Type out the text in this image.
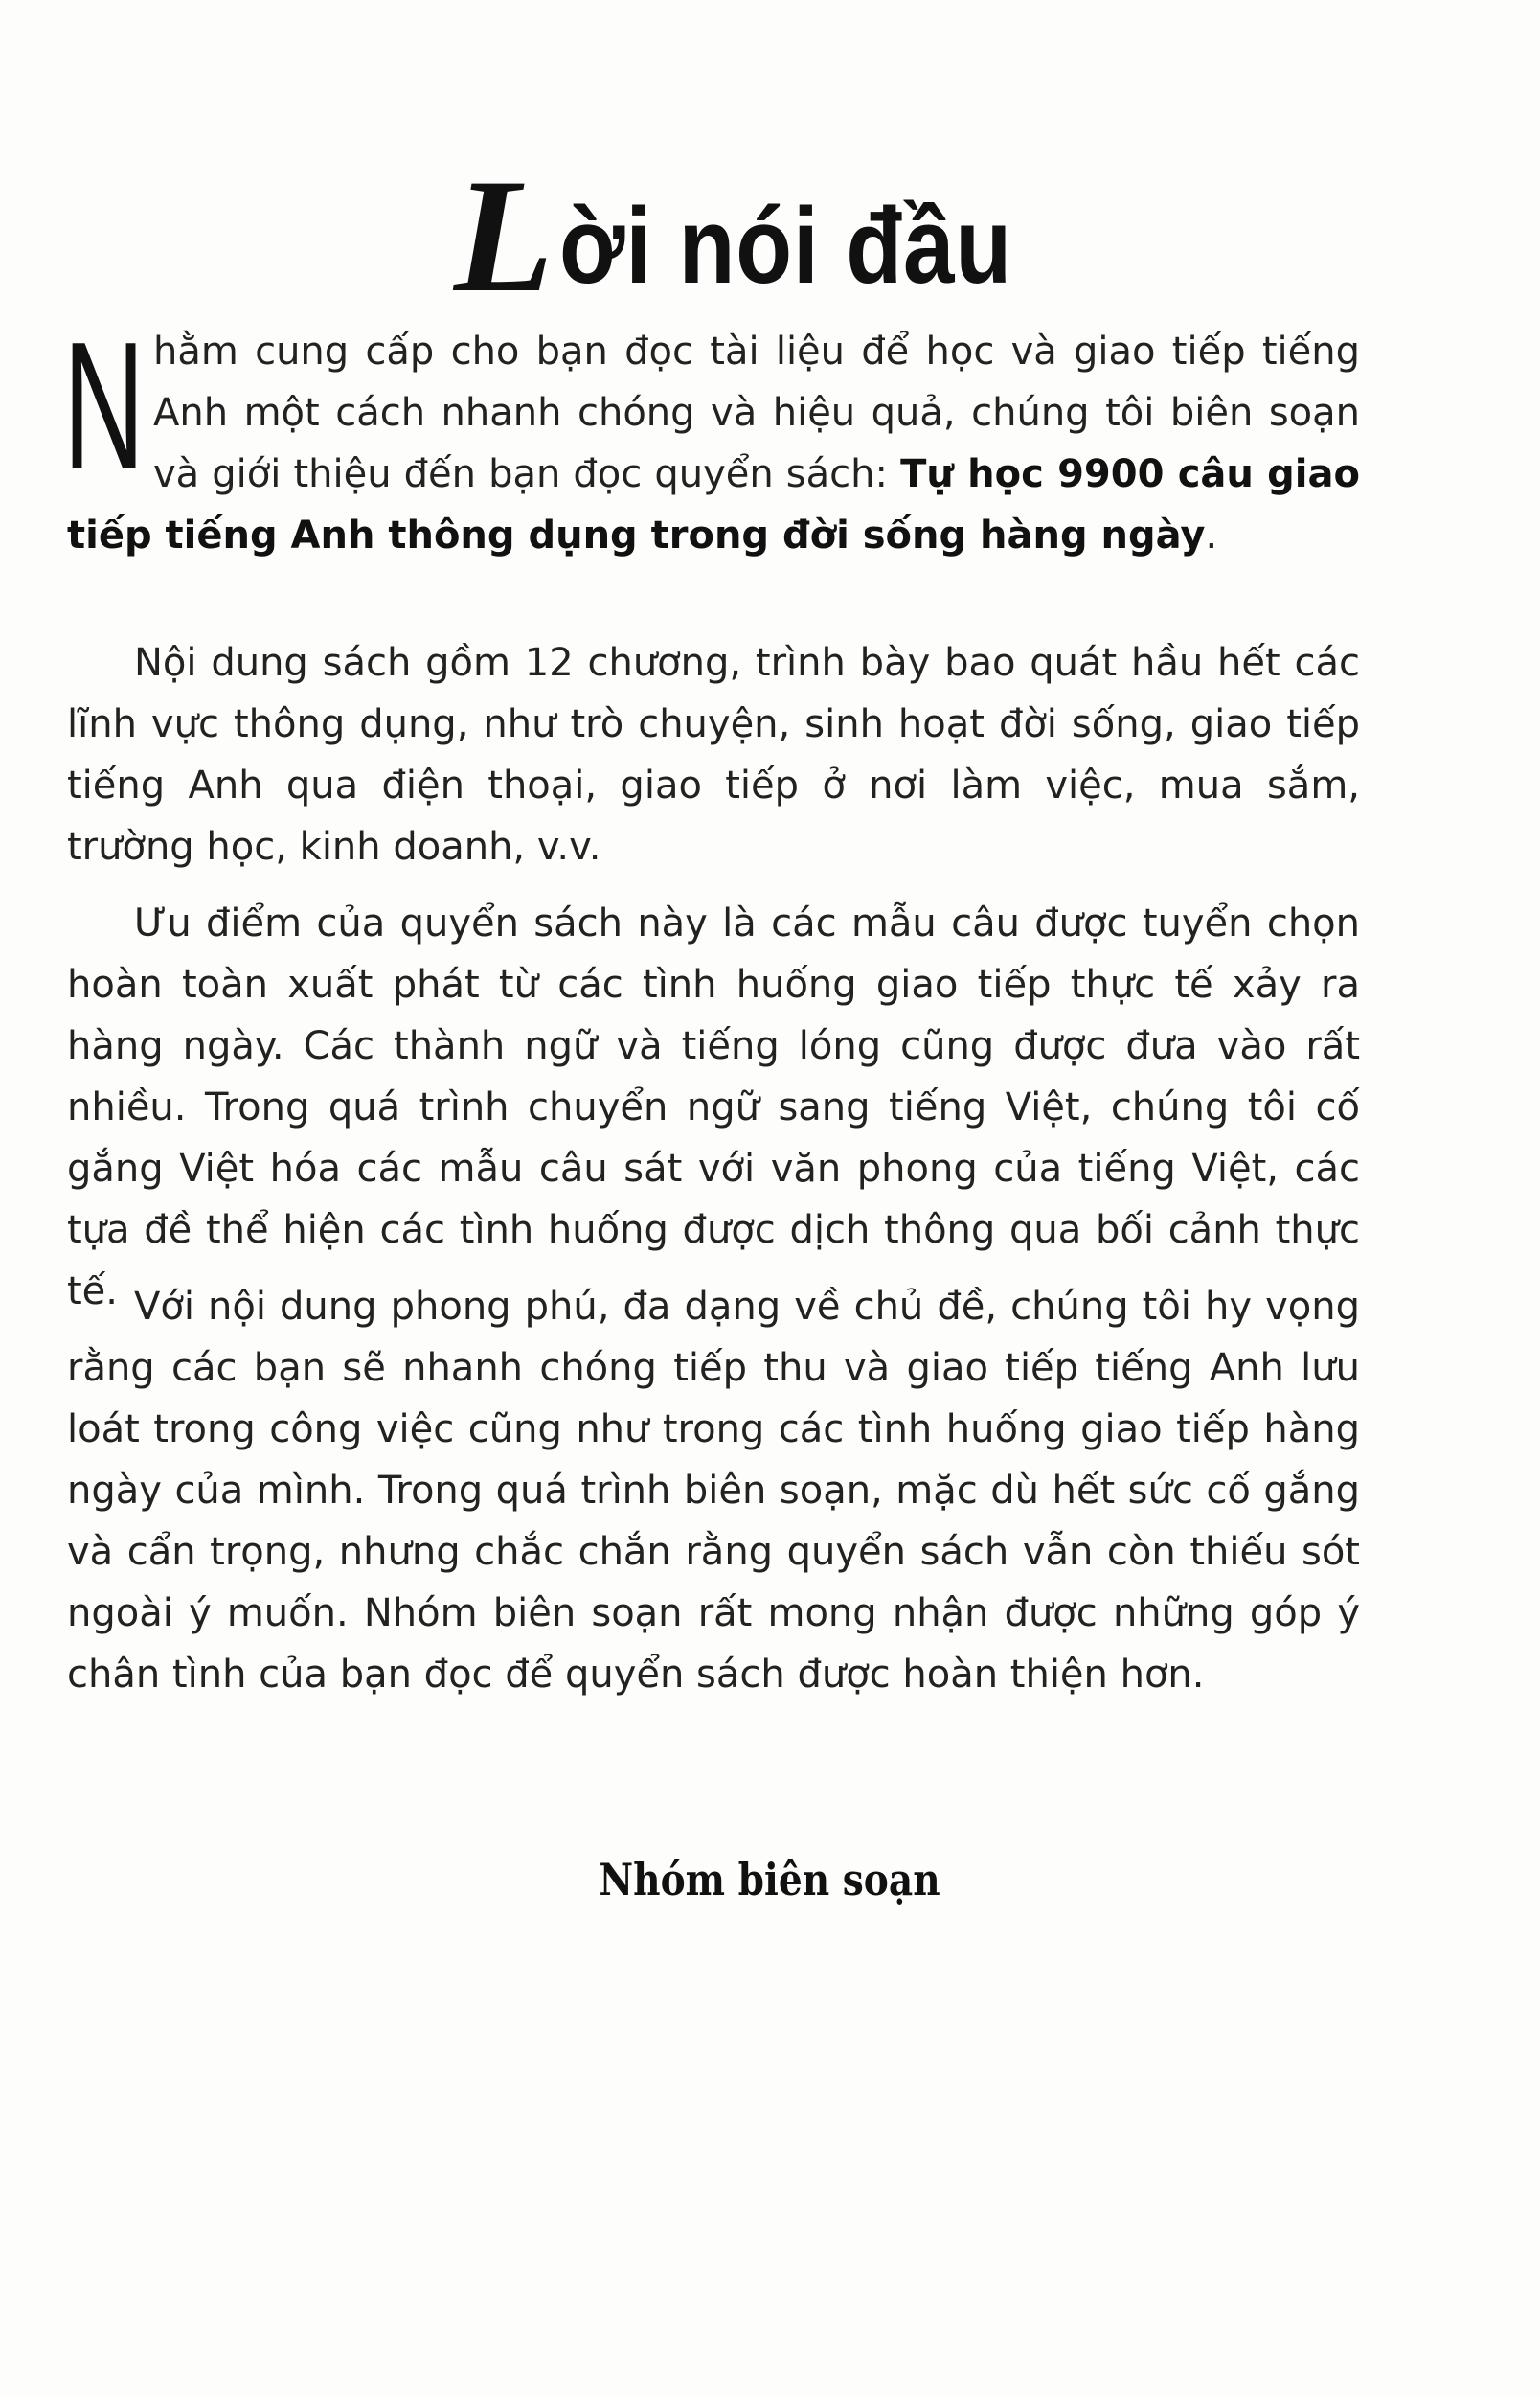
Lời nói đầu
N hằm cung cấp cho bạn đọc tài liệu để học và giao tiếp tiếng Anh một cách nhanh chóng và hiệu quả, chúng tôi biên soạn và giới thiệu đến bạn đọc quyển sách: Tự học 9900 câu giao tiếp tiếng Anh thông dụng trong đời sống hàng ngày.

Nội dung sách gồm 12 chương, trình bày bao quát hầu hết các lĩnh vực thông dụng, như trò chuyện, sinh hoạt đời sống, giao tiếp tiếng Anh qua điện thoại, giao tiếp ở nơi làm việc, mua sắm, trường học, kinh doanh, v.v.

Ưu điểm của quyển sách này là các mẫu câu được tuyển chọn hoàn toàn xuất phát từ các tình huống giao tiếp thực tế xảy ra hàng ngày. Các thành ngữ và tiếng lóng cũng được đưa vào rất nhiều. Trong quá trình chuyển ngữ sang tiếng Việt, chúng tôi cố gắng Việt hóa các mẫu câu sát với văn phong của tiếng Việt, các tựa đề thể hiện các tình huống được dịch thông qua bối cảnh thực tế. Với nội dung phong phú, đa dạng về chủ đề, chúng tôi hy vọng rằng các bạn sẽ nhanh chóng tiếp thu và giao tiếp tiếng Anh lưu loát trong công việc cũng như trong các tình huống giao tiếp hàng ngày của mình. Trong quá trình biên soạn, mặc dù hết sức cố gắng và cẩn trọng, nhưng chắc chắn rằng quyển sách vẫn còn thiếu sót ngoài ý muốn. Nhóm biên soạn rất mong nhận được những góp ý chân tình của bạn đọc để quyển sách được hoàn thiện hơn.

Nhóm biên soạn
